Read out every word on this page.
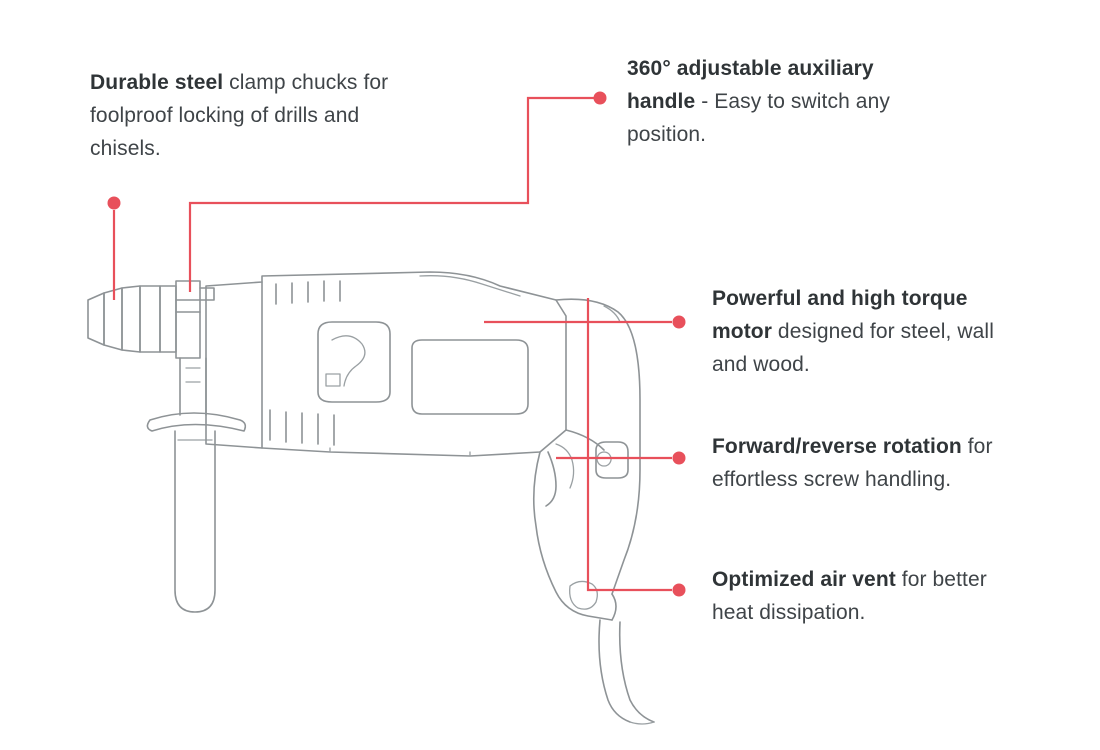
Durable steel clamp chucks for foolproof locking of drills and chisels.
360° adjustable auxiliary handle - Easy to switch any position.
Powerful and high torque motor designed for steel, wall and wood.
Forward/reverse rotation for effortless screw handling.
Optimized air vent for better heat dissipation.
